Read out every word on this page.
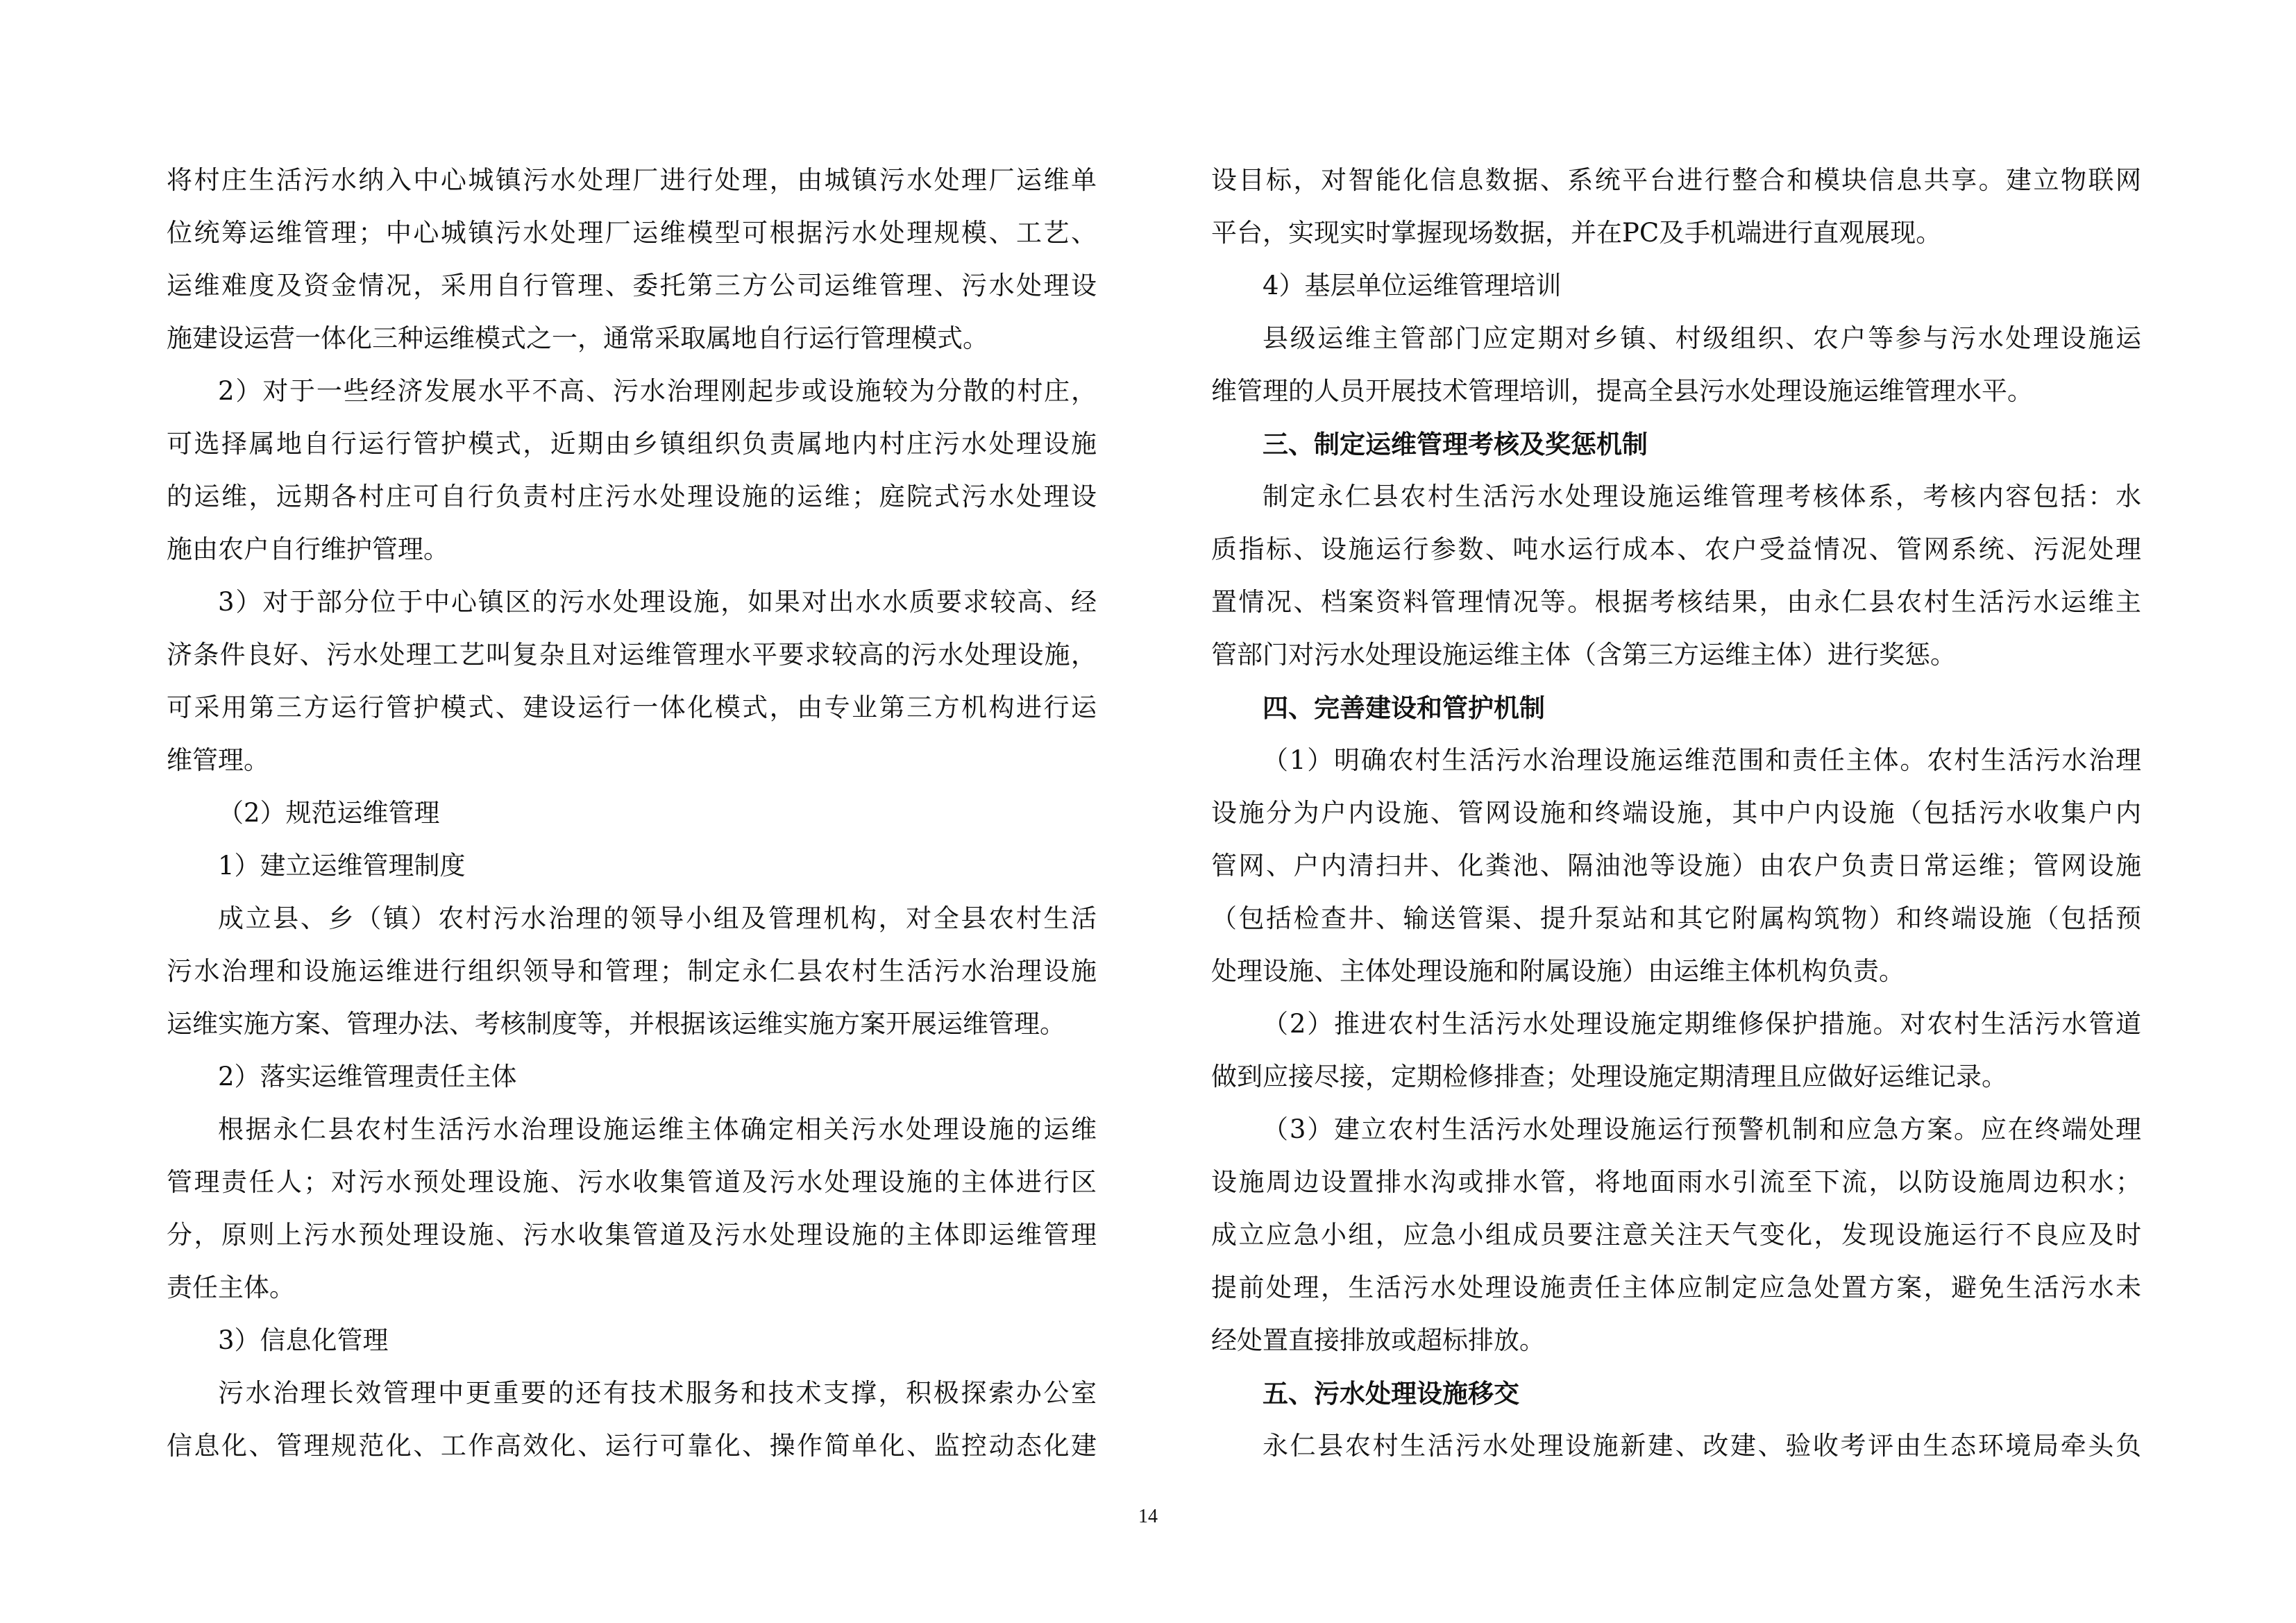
将村庄生活污水纳入中心城镇污水处理厂进行处理，由城镇污水处理厂运维单

位统筹运维管理；中心城镇污水处理厂运维模型可根据污水处理规模、工艺、

运维难度及资金情况，采用自行管理、委托第三方公司运维管理、污水处理设

施建设运营一体化三种运维模式之一，通常采取属地自行运行管理模式。

2）对于一些经济发展水平不高、污水治理刚起步或设施较为分散的村庄，

可选择属地自行运行管护模式，近期由乡镇组织负责属地内村庄污水处理设施

的运维，远期各村庄可自行负责村庄污水处理设施的运维；庭院式污水处理设

施由农户自行维护管理。

3）对于部分位于中心镇区的污水处理设施，如果对出水水质要求较高、经

济条件良好、污水处理工艺叫复杂且对运维管理水平要求较高的污水处理设施，

可采用第三方运行管护模式、建设运行一体化模式，由专业第三方机构进行运

维管理。

（2）规范运维管理

1）建立运维管理制度

成立县、乡（镇）农村污水治理的领导小组及管理机构，对全县农村生活

污水治理和设施运维进行组织领导和管理；制定永仁县农村生活污水治理设施

运维实施方案、管理办法、考核制度等，并根据该运维实施方案开展运维管理。

2）落实运维管理责任主体

根据永仁县农村生活污水治理设施运维主体确定相关污水处理设施的运维

管理责任人；对污水预处理设施、污水收集管道及污水处理设施的主体进行区

分，原则上污水预处理设施、污水收集管道及污水处理设施的主体即运维管理

责任主体。

3）信息化管理

污水治理长效管理中更重要的还有技术服务和技术支撑，积极探索办公室

信息化、管理规范化、工作高效化、运行可靠化、操作简单化、监控动态化建

设目标，对智能化信息数据、系统平台进行整合和模块信息共享。建立物联网

平台，实现实时掌握现场数据，并在PC及手机端进行直观展现。

4）基层单位运维管理培训

县级运维主管部门应定期对乡镇、村级组织、农户等参与污水处理设施运

维管理的人员开展技术管理培训，提高全县污水处理设施运维管理水平。

三、制定运维管理考核及奖惩机制

制定永仁县农村生活污水处理设施运维管理考核体系，考核内容包括：水

质指标、设施运行参数、吨水运行成本、农户受益情况、管网系统、污泥处理

置情况、档案资料管理情况等。根据考核结果，由永仁县农村生活污水运维主

管部门对污水处理设施运维主体（含第三方运维主体）进行奖惩。

四、完善建设和管护机制

（1）明确农村生活污水治理设施运维范围和责任主体。农村生活污水治理

设施分为户内设施、管网设施和终端设施，其中户内设施（包括污水收集户内

管网、户内清扫井、化粪池、隔油池等设施）由农户负责日常运维；管网设施

（包括检查井、输送管渠、提升泵站和其它附属构筑物）和终端设施（包括预

处理设施、主体处理设施和附属设施）由运维主体机构负责。

（2）推进农村生活污水处理设施定期维修保护措施。对农村生活污水管道

做到应接尽接，定期检修排查；处理设施定期清理且应做好运维记录。

（3）建立农村生活污水处理设施运行预警机制和应急方案。应在终端处理

设施周边设置排水沟或排水管，将地面雨水引流至下流，以防设施周边积水；

成立应急小组，应急小组成员要注意关注天气变化，发现设施运行不良应及时

提前处理，生活污水处理设施责任主体应制定应急处置方案，避免生活污水未

经处置直接排放或超标排放。

五、污水处理设施移交

永仁县农村生活污水处理设施新建、改建、验收考评由生态环境局牵头负

14
